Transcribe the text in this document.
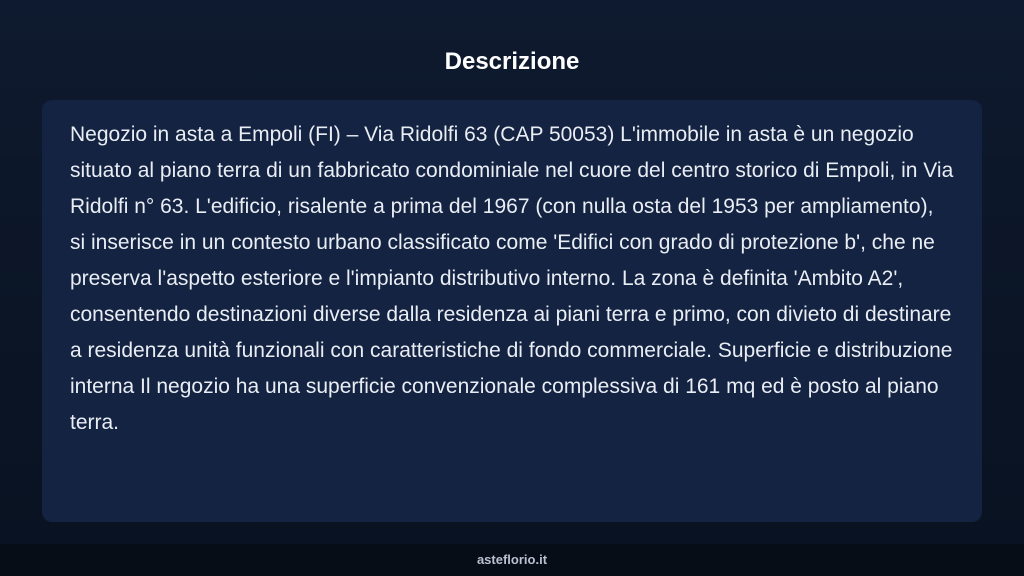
Descrizione

Negozio in asta a Empoli (FI) – Via Ridolfi 63 (CAP 50053) L'immobile in asta è un negozio situato al piano terra di un fabbricato condominiale nel cuore del centro storico di Empoli, in Via Ridolfi n° 63. L'edificio, risalente a prima del 1967 (con nulla osta del 1953 per ampliamento), si inserisce in un contesto urbano classificato come 'Edifici con grado di protezione b', che ne preserva l'aspetto esteriore e l'impianto distributivo interno. La zona è definita 'Ambito A2', consentendo destinazioni diverse dalla residenza ai piani terra e primo, con divieto di destinare a residenza unità funzionali con caratteristiche di fondo commerciale. Superficie e distribuzione interna Il negozio ha una superficie convenzionale complessiva di 161 mq ed è posto al piano terra.

asteflorio.it
